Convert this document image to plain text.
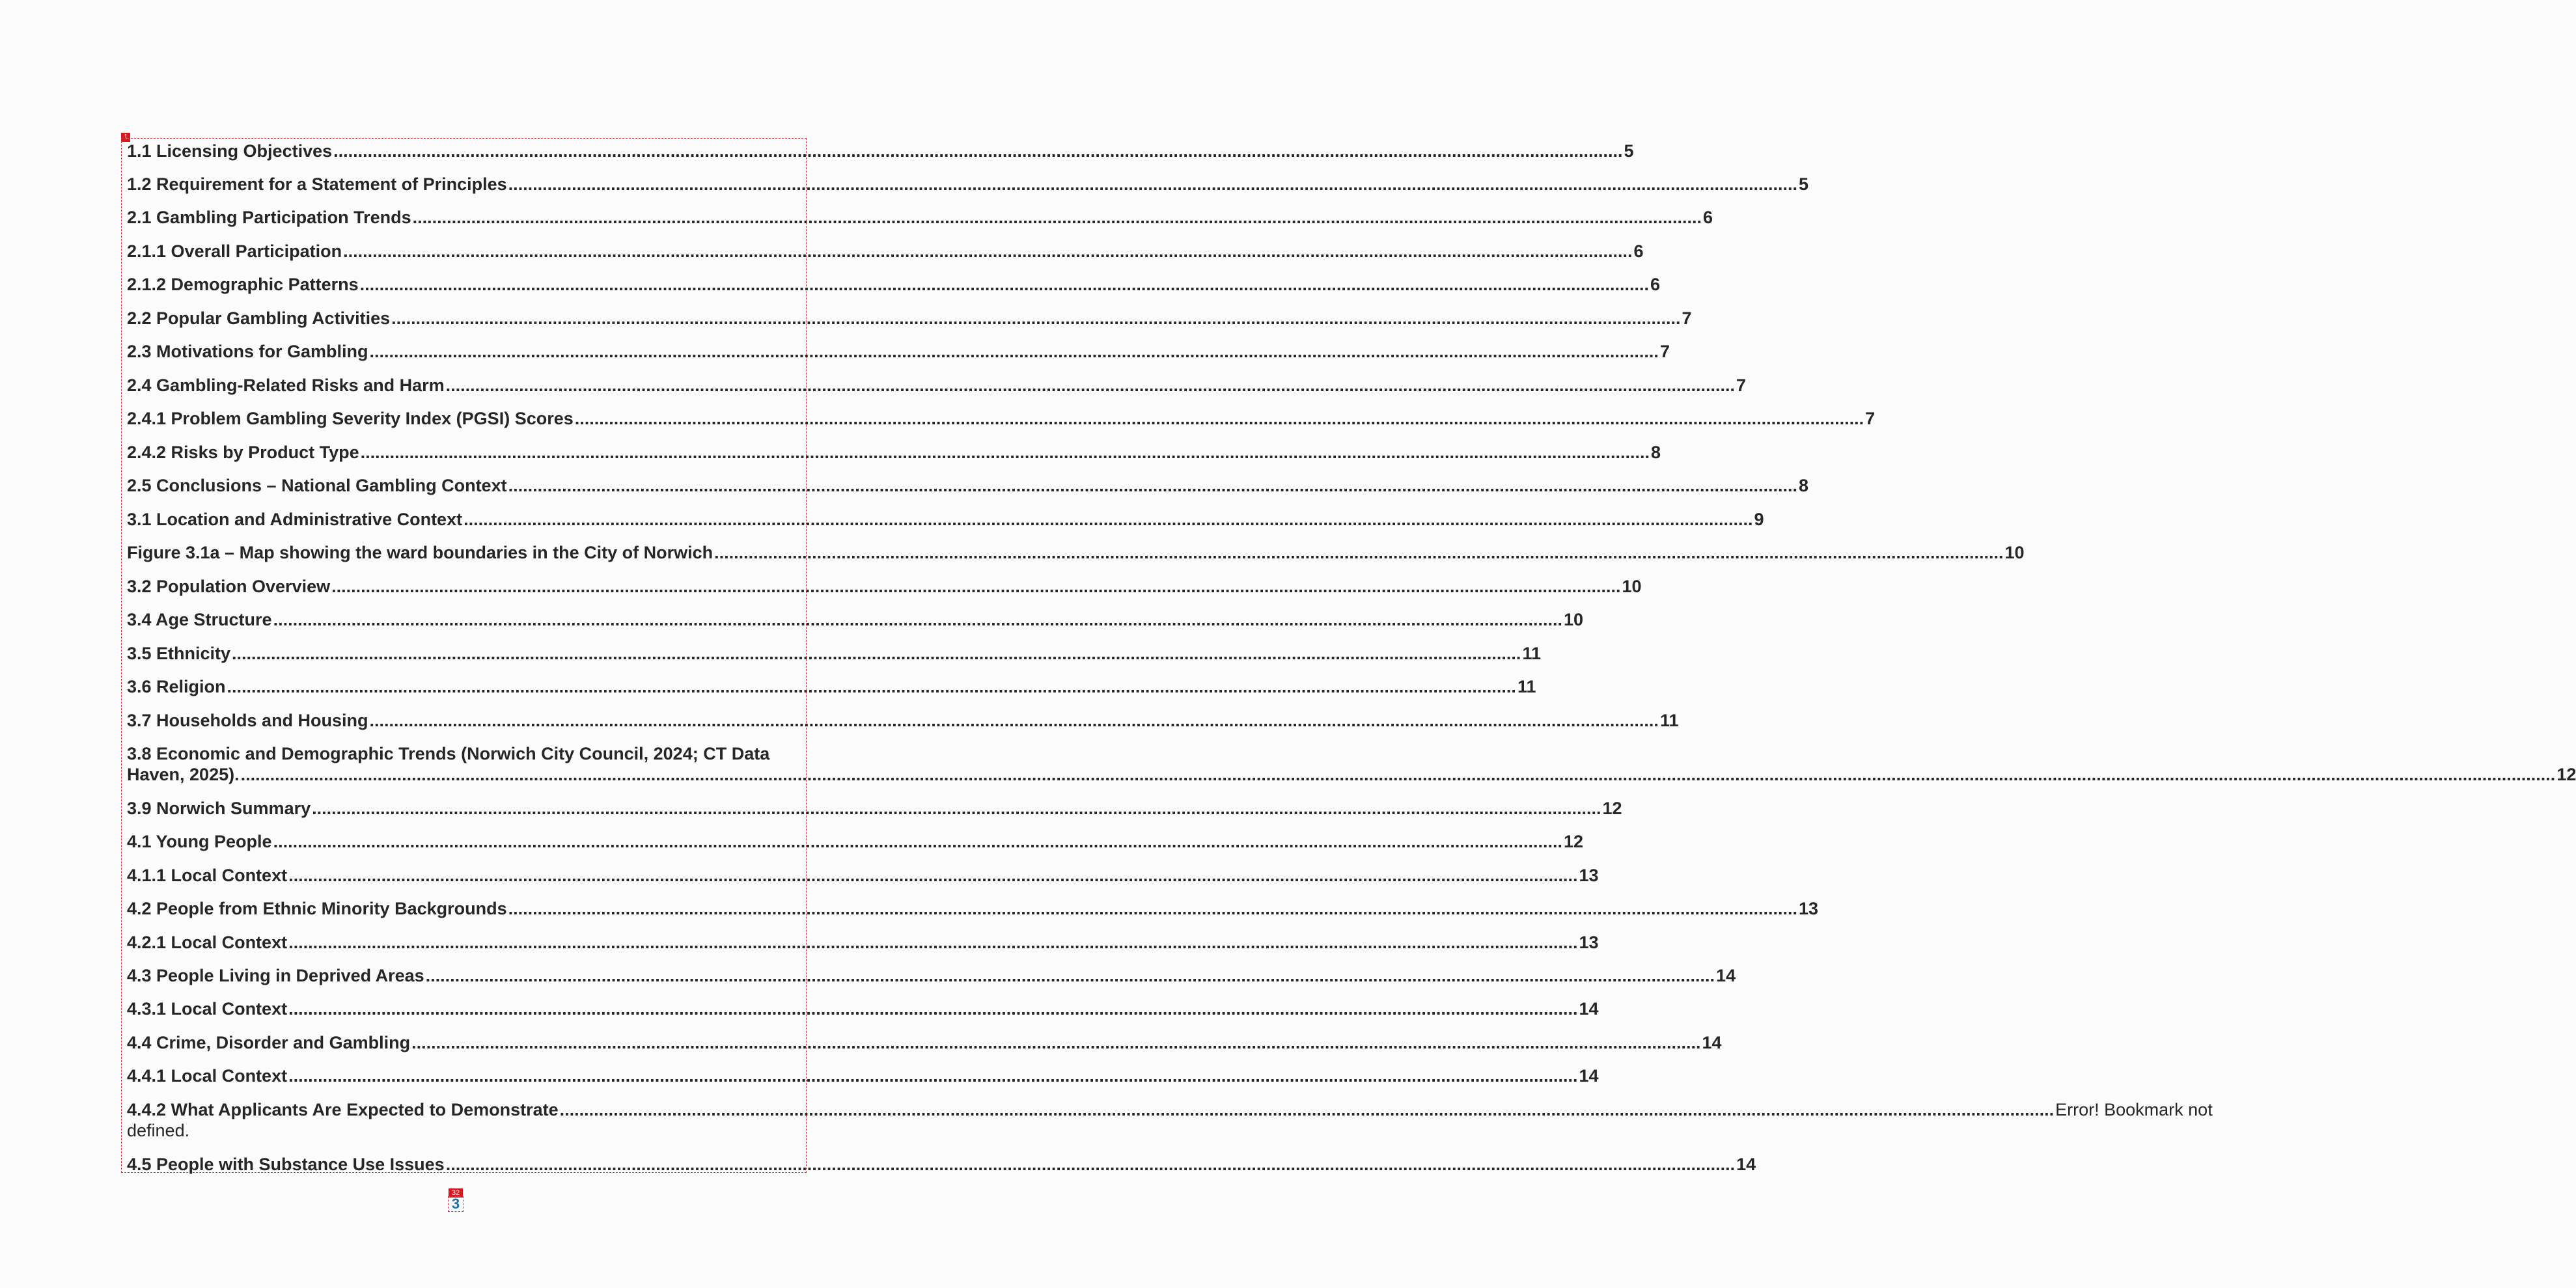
1
1.1 Licensing Objectives .....	5
1.2 Requirement for a Statement of Principles .....	5
2.1 Gambling Participation Trends .....	6
2.1.1 Overall Participation .....	6
2.1.2 Demographic Patterns .....	6
2.2 Popular Gambling Activities .....	7
2.3 Motivations for Gambling .....	7
2.4 Gambling-Related Risks and Harm .....	7
2.4.1 Problem Gambling Severity Index (PGSI) Scores .....	7
2.4.2 Risks by Product Type .....	8
2.5 Conclusions – National Gambling Context .....	8
3.1 Location and Administrative Context .....	9
Figure 3.1a – Map showing the ward boundaries in the City of Norwich .....	10
3.2 Population Overview .....	10
3.4 Age Structure .....	10
3.5 Ethnicity .....	11
3.6 Religion .....	11
3.7 Households and Housing .....	11
3.8 Economic and Demographic Trends (Norwich City Council, 2024; CT Data
Haven, 2025). .................................................................................................................................................................................................................. .....	12
3.9 Norwich Summary .....	12
4.1 Young People .....	12
4.1.1 Local Context .....	13
4.2 People from Ethnic Minority Backgrounds .....	13
4.2.1 Local Context .....	13
4.3 People Living in Deprived Areas .....	14
4.3.1 Local Context .....	14
4.4 Crime, Disorder and Gambling .....	14
4.4.1 Local Context .....	14
4.4.2 What Applicants Are Expected to Demonstrate .......................................... .....	Error! Bookmark not
defined.
4.5 People with Substance Use Issues .....	14
32
3
